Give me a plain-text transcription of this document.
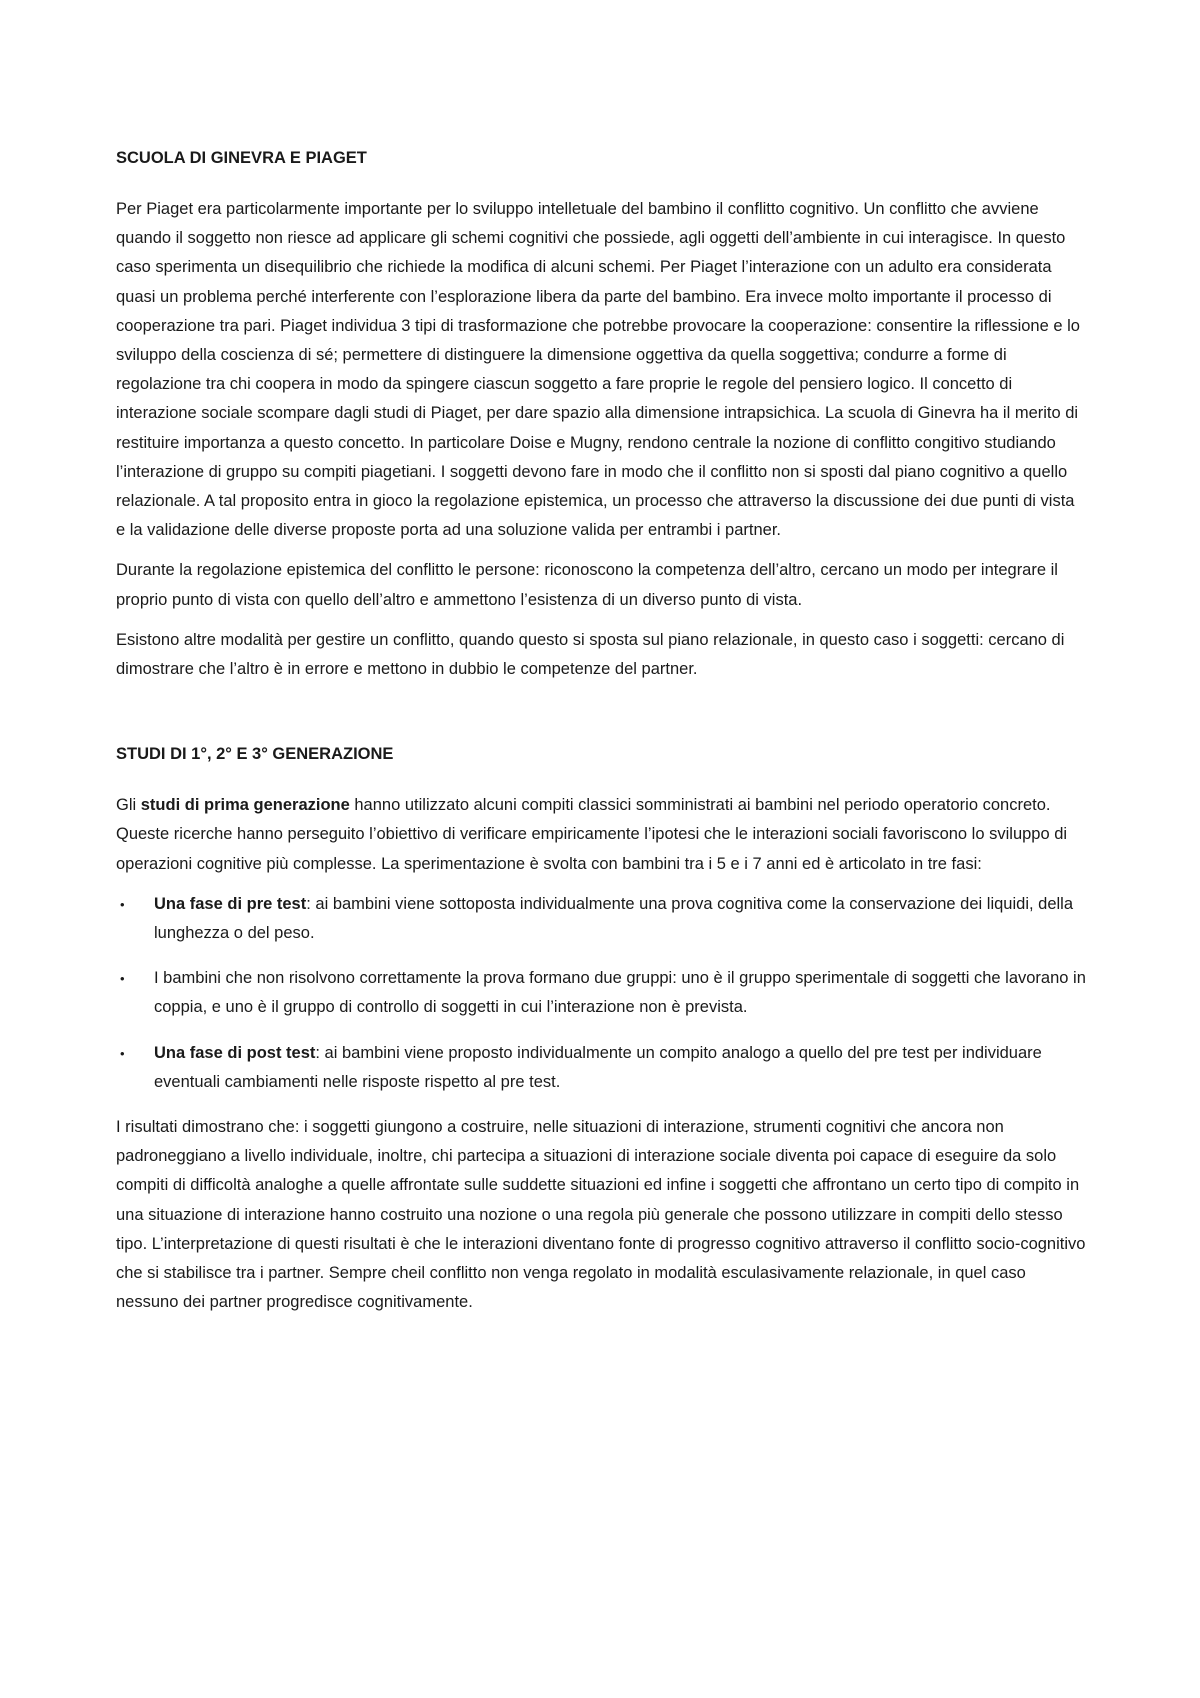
SCUOLA DI GINEVRA E PIAGET

Per Piaget era particolarmente importante per lo sviluppo intelletuale del bambino il conflitto cognitivo. Un conflitto che avviene quando il soggetto non riesce ad applicare gli schemi cognitivi che possiede, agli oggetti dell’ambiente in cui interagisce. In questo caso sperimenta un disequilibrio che richiede la modifica di alcuni schemi. Per Piaget l’interazione con un adulto era considerata quasi un problema perché interferente con l’esplorazione libera da parte del bambino. Era invece molto importante il processo di cooperazione tra pari. Piaget individua 3 tipi di trasformazione che potrebbe provocare la cooperazione: consentire la riflessione e lo sviluppo della coscienza di sé; permettere di distinguere la dimensione oggettiva da quella soggettiva; condurre a forme di regolazione tra chi coopera in modo da spingere ciascun soggetto a fare proprie le regole del pensiero logico. Il concetto di interazione sociale scompare dagli studi di Piaget, per dare spazio alla dimensione intrapsichica. La scuola di Ginevra ha il merito di restituire importanza a questo concetto. In particolare Doise e Mugny, rendono centrale la nozione di conflitto congitivo studiando l’interazione di gruppo su compiti piagetiani. I soggetti devono fare in modo che il conflitto non si sposti dal piano cognitivo a quello relazionale. A tal proposito entra in gioco la regolazione epistemica, un processo che attraverso la discussione dei due punti di vista e la validazione delle diverse proposte porta ad una soluzione valida per entrambi i partner.

Durante la regolazione epistemica del conflitto le persone: riconoscono la competenza dell’altro, cercano un modo per integrare il proprio punto di vista con quello dell’altro e ammettono l’esistenza di un diverso punto di vista.

Esistono altre modalità per gestire un conflitto, quando questo si sposta sul piano relazionale, in questo caso i soggetti: cercano di dimostrare che l’altro è in errore e mettono in dubbio le competenze del partner.

STUDI DI 1°, 2° E 3° GENERAZIONE

Gli studi di prima generazione hanno utilizzato alcuni compiti classici somministrati ai bambini nel periodo operatorio concreto. Queste ricerche hanno perseguito l’obiettivo di verificare empiricamente l’ipotesi che le interazioni sociali favoriscono lo sviluppo di operazioni cognitive più complesse. La sperimentazione è svolta con bambini tra i 5 e i 7 anni ed è articolato in tre fasi:

• Una fase di pre test: ai bambini viene sottoposta individualmente una prova cognitiva come la conservazione dei liquidi, della lunghezza o del peso.
• I bambini che non risolvono correttamente la prova formano due gruppi: uno è il gruppo sperimentale di soggetti che lavorano in coppia, e uno è il gruppo di controllo di soggetti in cui l’interazione non è prevista.
• Una fase di post test: ai bambini viene proposto individualmente un compito analogo a quello del pre test per individuare eventuali cambiamenti nelle risposte rispetto al pre test.

I risultati dimostrano che: i soggetti giungono a costruire, nelle situazioni di interazione, strumenti cognitivi che ancora non padroneggiano a livello individuale, inoltre, chi partecipa a situazioni di interazione sociale diventa poi capace di eseguire da solo compiti di difficoltà analoghe a quelle affrontate sulle suddette situazioni ed infine i soggetti che affrontano un certo tipo di compito in una situazione di interazione hanno costruito una nozione o una regola più generale che possono utilizzare in compiti dello stesso tipo. L’interpretazione di questi risultati è che le interazioni diventano fonte di progresso cognitivo attraverso il conflitto socio-cognitivo che si stabilisce tra i partner. Sempre cheil conflitto non venga regolato in modalità esculasivamente relazionale, in quel caso nessuno dei partner progredisce cognitivamente.
